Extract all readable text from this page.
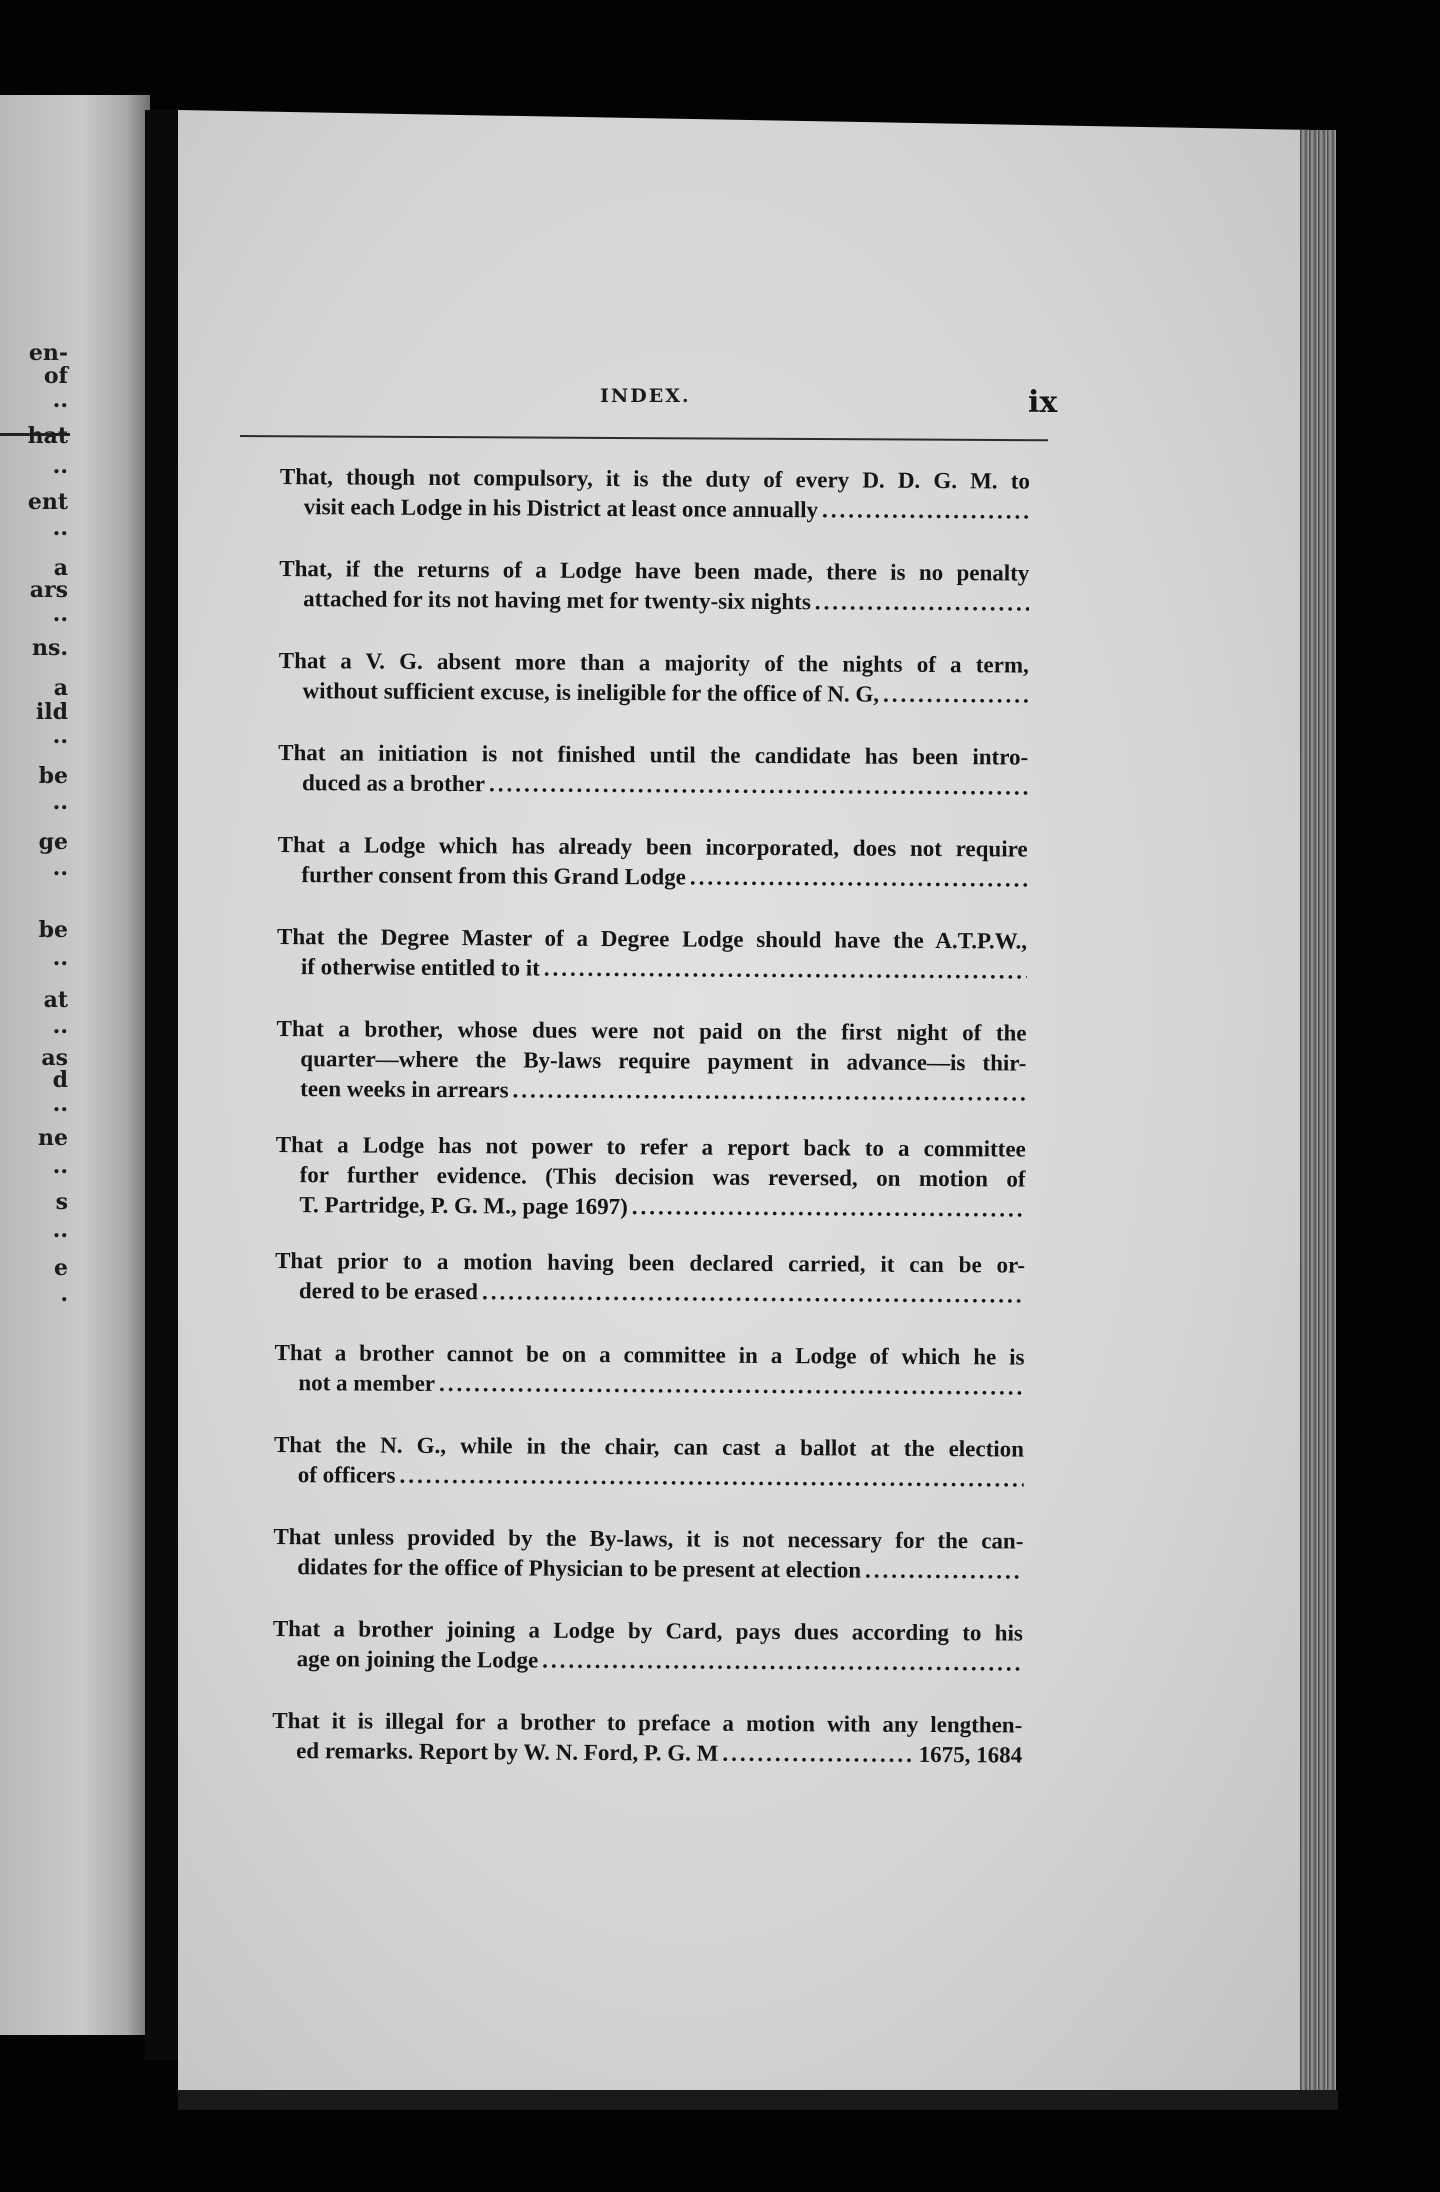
en-
of
..
hat
..
ent
..
a
ars
..
ns.
a
ild
..
be
..
ge
..
be
..
at
..
as
d
..
ne
..
s
..
e
.
INDEX.	ix
That, though not compulsory, it is the duty of every D. D. G. M. to
visit each Lodge in his District at least once annually
.....
That, if the returns of a Lodge have been made, there is no penalty
attached for its not having met for twenty-six nights
.....
That a V. G. absent more than a majority of the nights of a term,
without sufficient excuse, is ineligible for the office of N. G,
.....
That an initiation is not finished until the candidate has been intro-
duced as a brother
.....
That a Lodge which has already been incorporated, does not require
further consent from this Grand Lodge
.....
That the Degree Master of a Degree Lodge should have the A.T.P.W.,
if otherwise entitled to it
.....
That a brother, whose dues were not paid on the first night of the
quarter—where the By-laws require payment in advance—is thir-
teen weeks in arrears
.....
That a Lodge has not power to refer a report back to a committee
for further evidence. (This decision was reversed, on motion of
T. Partridge, P. G. M., page 1697)
.....
That prior to a motion having been declared carried, it can be or-
dered to be erased
.....
That a brother cannot be on a committee in a Lodge of which he is
not a member
.....
That the N. G., while in the chair, can cast a ballot at the election
of officers
.....
That unless provided by the By-laws, it is not necessary for the can-
didates for the office of Physician to be present at election
.....
That a brother joining a Lodge by Card, pays dues according to his
age on joining the Lodge
.....
That it is illegal for a brother to preface a motion with any lengthen-
ed remarks. Report by W. N. Ford, P. G. M
.....	1675, 1684
